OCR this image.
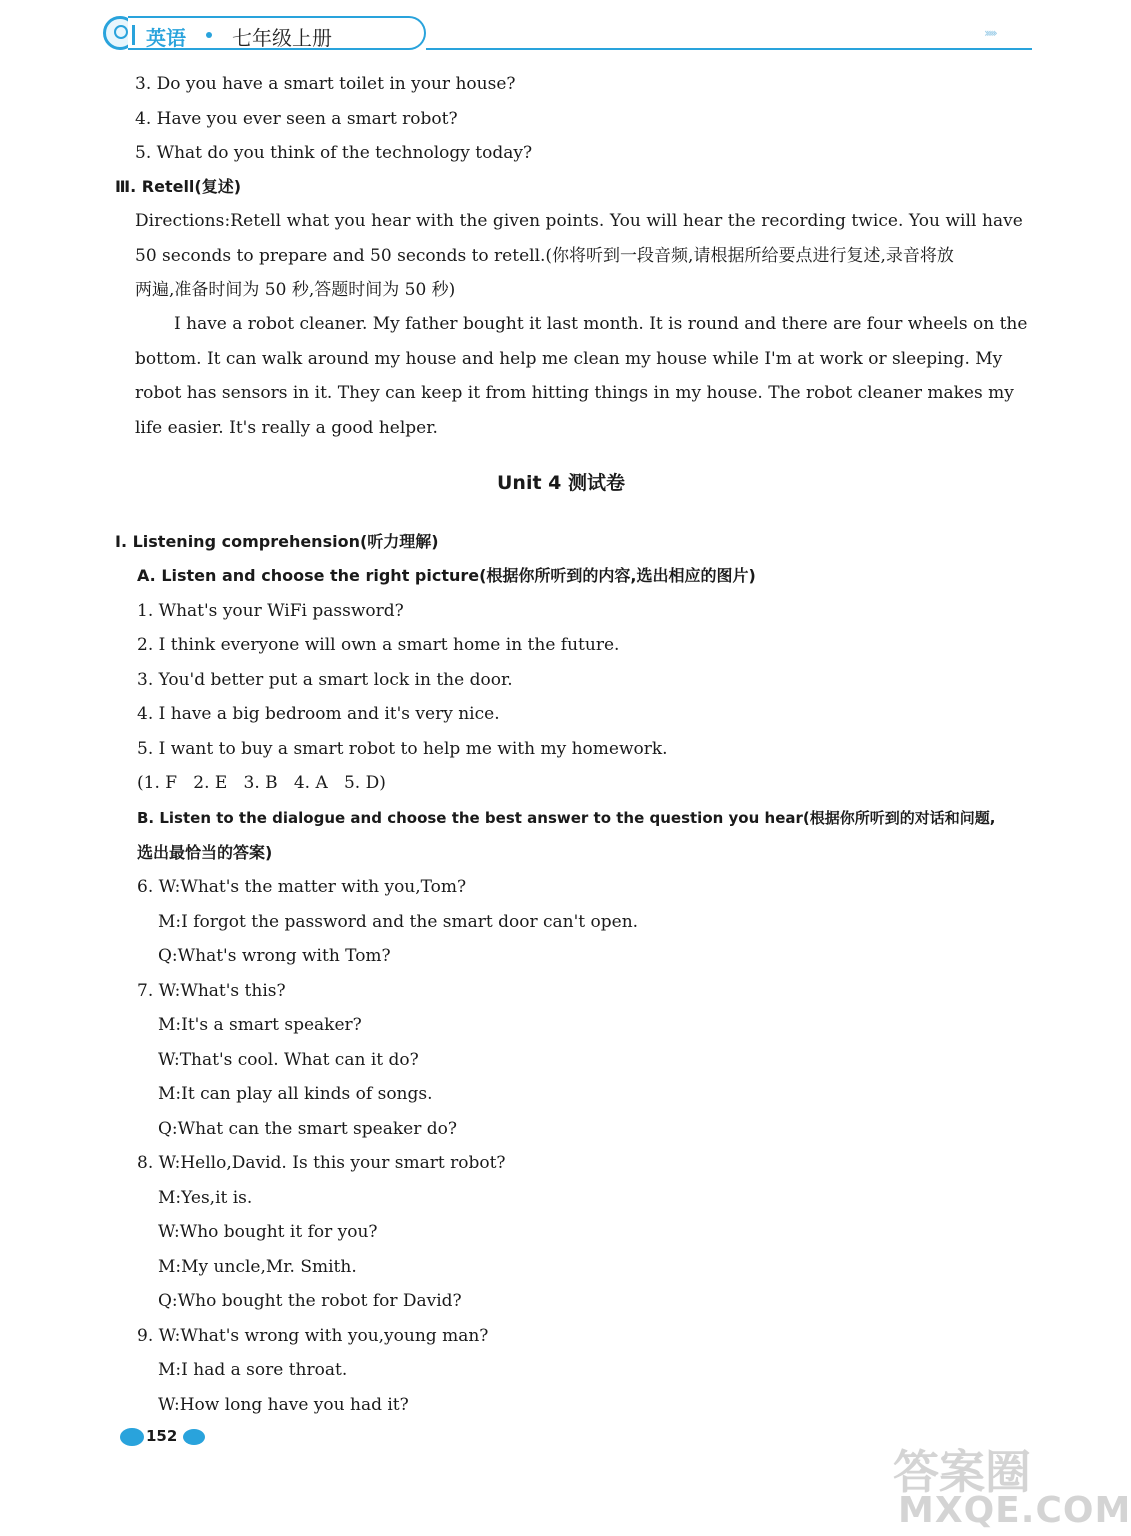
英语 七年级上册	››››››
3. Do you have a smart toilet in your house?
4. Have you ever seen a smart robot?
5. What do you think of the technology today?
Ⅲ. Retell(复述)
Directions:Retell what you hear with the given points. You will hear the recording twice. You will have
50 seconds to prepare and 50 seconds to retell.(你将听到一段音频,请根据所给要点进行复述,录音将放
两遍,准备时间为 50 秒,答题时间为 50 秒)
I have a robot cleaner. My father bought it last month. It is round and there are four wheels on the
bottom. It can walk around my house and help me clean my house while I'm at work or sleeping. My
robot has sensors in it. They can keep it from hitting things in my house. The robot cleaner makes my
life easier. It's really a good helper.
Unit 4 测试卷
Ⅰ. Listening comprehension(听力理解)
A. Listen and choose the right picture(根据你所听到的内容,选出相应的图片)
1. What's your WiFi password?
2. I think everyone will own a smart home in the future.
3. You'd better put a smart lock in the door.
4. I have a big bedroom and it's very nice.
5. I want to buy a smart robot to help me with my homework.
(1. F   2. E   3. B   4. A   5. D)
B. Listen to the dialogue and choose the best answer to the question you hear(根据你所听到的对话和问题,
选出最恰当的答案)
6. W:What's the matter with you,Tom?
M:I forgot the password and the smart door can't open.
Q:What's wrong with Tom?
7. W:What's this?
M:It's a smart speaker?
W:That's cool. What can it do?
M:It can play all kinds of songs.
Q:What can the smart speaker do?
8. W:Hello,David. Is this your smart robot?
M:Yes,it is.
W:Who bought it for you?
M:My uncle,Mr. Smith.
Q:Who bought the robot for David?
9. W:What's wrong with you,young man?
M:I had a sore throat.
W:How long have you had it?
152
答案圈
MXQE.COM
